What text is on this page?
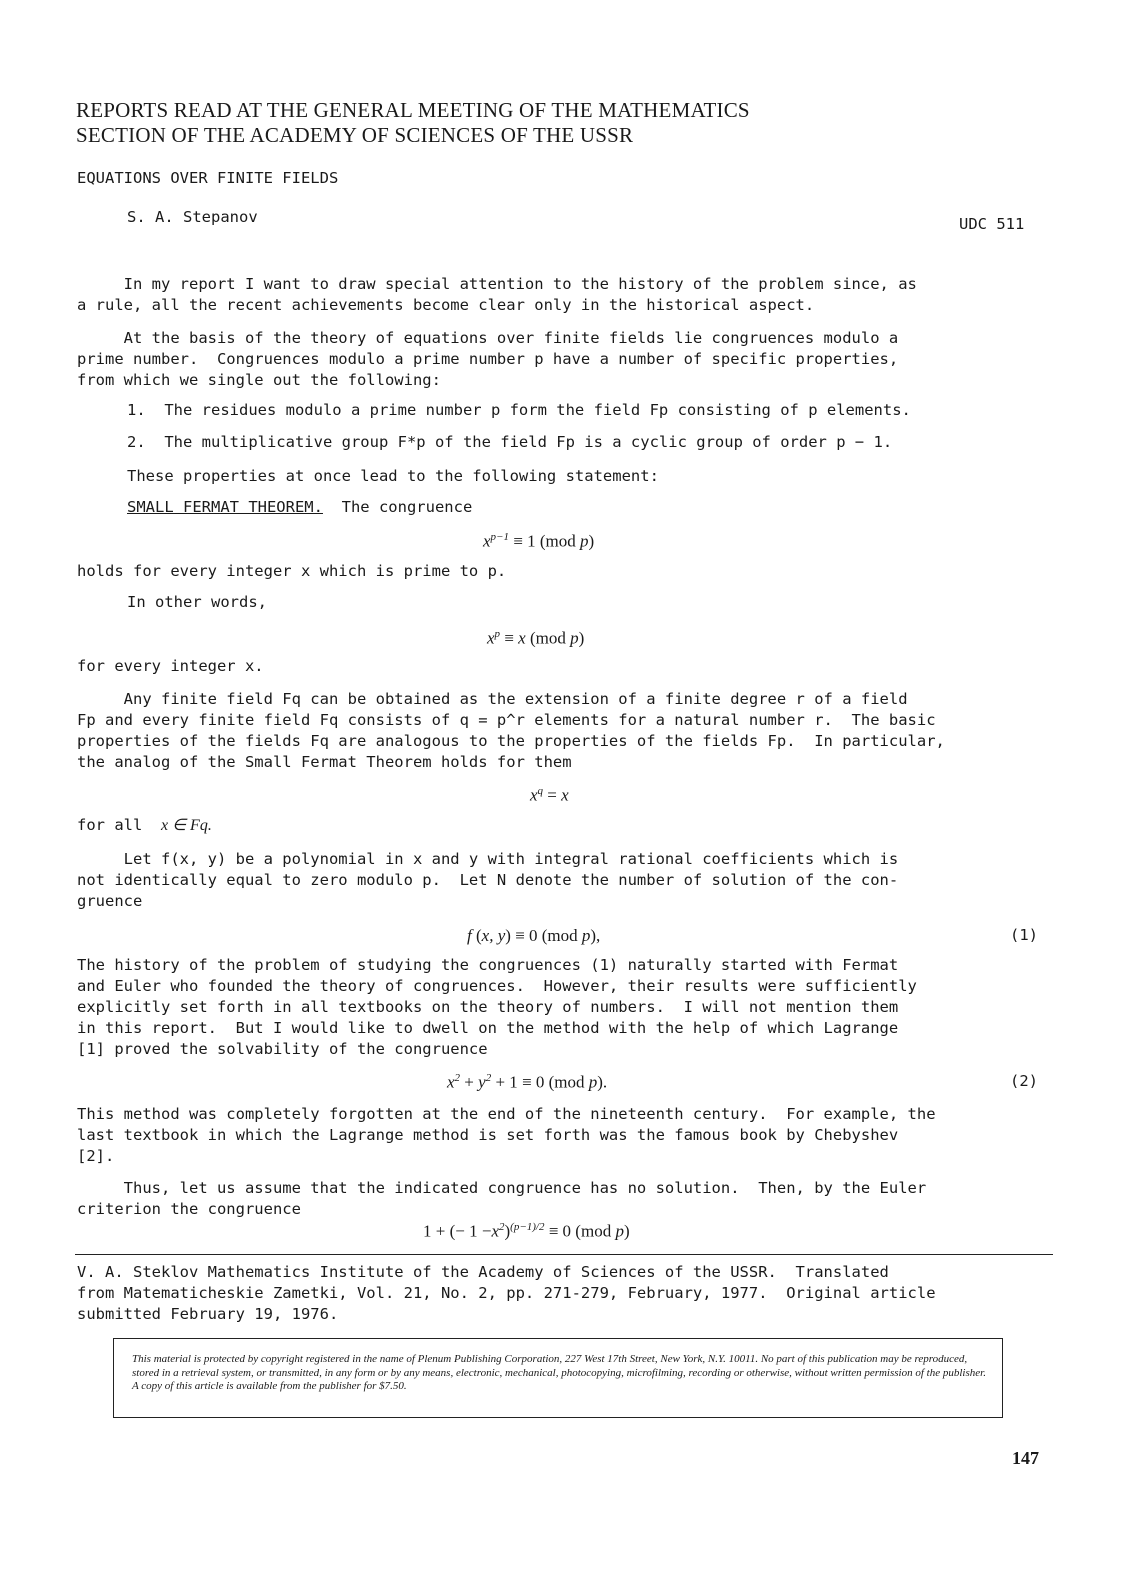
REPORTS READ AT THE GENERAL MEETING OF THE MATHEMATICS
SECTION OF THE ACADEMY OF SCIENCES OF THE USSR
EQUATIONS OVER FINITE FIELDS
S. A. Stepanov	UDC 511
In my report I want to draw special attention to the history of the problem since, as
a rule, all the recent achievements become clear only in the historical aspect.
At the basis of the theory of equations over finite fields lie congruences modulo a
prime number.  Congruences modulo a prime number p have a number of specific properties,
from which we single out the following:
1.  The residues modulo a prime number p form the field Fp consisting of p elements.
2.  The multiplicative group F*p of the field Fp is a cyclic group of order p − 1.
These properties at once lead to the following statement:
SMALL FERMAT THEOREM. The congruence
$x^{p-1} \equiv 1$ (mod p)
holds for every integer x which is prime to p.
In other words,
$x^p \equiv x$ (mod p)
for every integer x.
Any finite field Fq can be obtained as the extension of a finite degree r of a field
Fp and every finite field Fq consists of q = p^r elements for a natural number r.  The basic
properties of the fields Fq are analogous to the properties of the fields Fp.  In particular,
the analog of the Small Fermat Theorem holds for them
$x^q = x$
for all x ∈ Fq.
Let f(x, y) be a polynomial in x and y with integral rational coefficients which is
not identically equal to zero modulo p.  Let N denote the number of solution of the con-
gruence
f (x, y) ≡ 0 (mod p),	(1)
The history of the problem of studying the congruences (1) naturally started with Fermat
and Euler who founded the theory of congruences.  However, their results were sufficiently
explicitly set forth in all textbooks on the theory of numbers.  I will not mention them
in this report.  But I would like to dwell on the method with the help of which Lagrange
[1] proved the solvability of the congruence
$x^2 + y^2 + 1 \equiv 0$ (mod p).	(2)
This method was completely forgotten at the end of the nineteenth century.  For example, the
last textbook in which the Lagrange method is set forth was the famous book by Chebyshev
[2].
Thus, let us assume that the indicated congruence has no solution.  Then, by the Euler
criterion the congruence
1 + (− $1 -x^2)^{(p-1)/2} \equiv 0$ (mod p)
V. A. Steklov Mathematics Institute of the Academy of Sciences of the USSR.  Translated
from Matematicheskie Zametki, Vol. 21, No. 2, pp. 271-279, February, 1977.  Original article
submitted February 19, 1976.
This material is protected by copyright registered in the name of Plenum Publishing Corporation, 227 West 17th Street, New York, N.Y. 10011. No part of this publication may be reproduced, stored in a retrieval system, or transmitted, in any form or by any means, electronic, mechanical, photocopying, microfilming, recording or otherwise, without written permission of the publisher. A copy of this article is available from the publisher for $7.50.
147
